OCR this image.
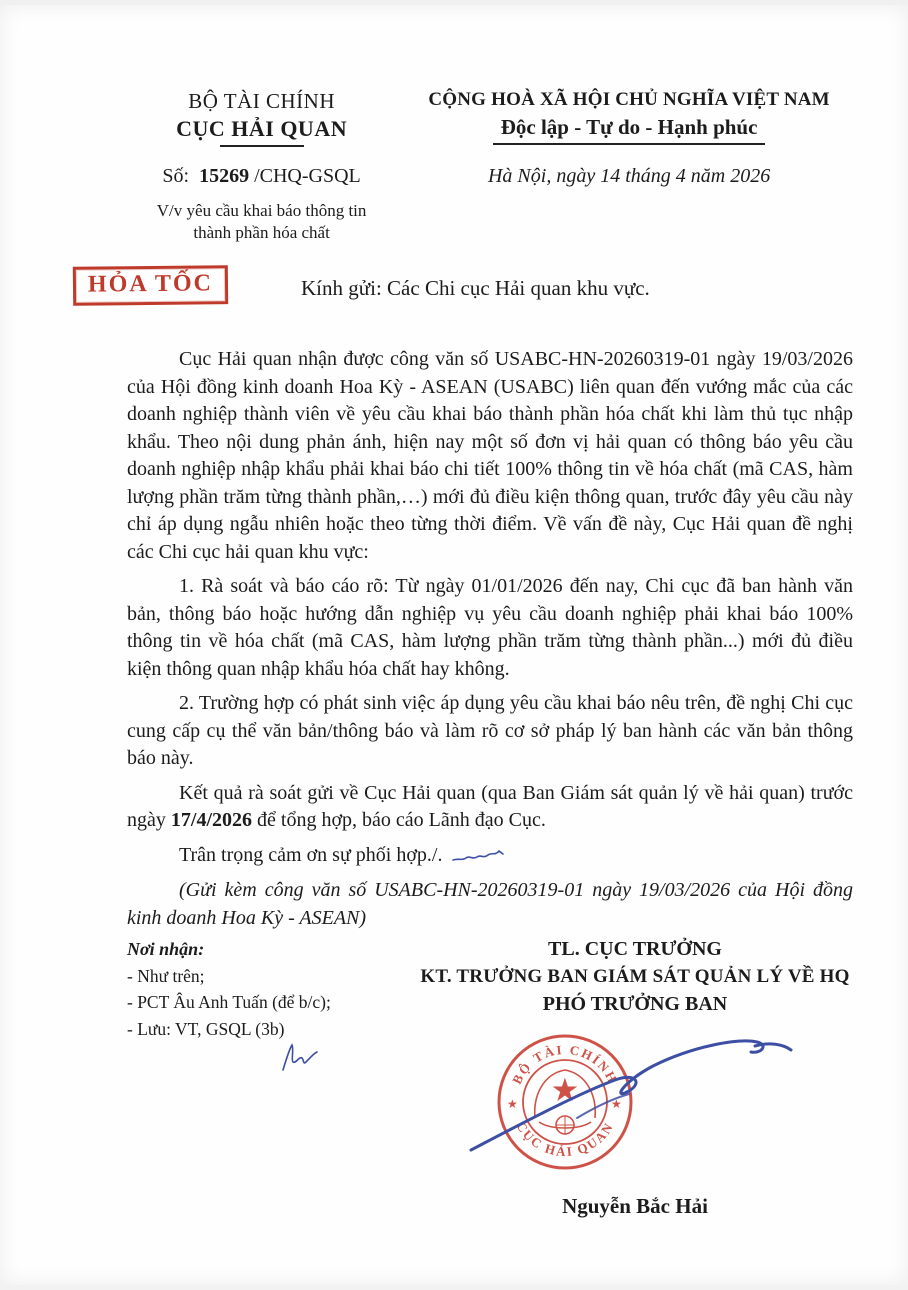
BỘ TÀI CHÍNH
CỤC HẢI QUAN
Số: 15269 /CHQ-GSQL
V/v yêu cầu khai báo thông tin thành phần hóa chất
CỘNG HOÀ XÃ HỘI CHỦ NGHĨA VIỆT NAM
Độc lập - Tự do - Hạnh phúc
Hà Nội, ngày 14 tháng 4 năm 2026
HỎA TỐC	Kính gửi: Các Chi cục Hải quan khu vực.

Cục Hải quan nhận được công văn số USABC-HN-20260319-01 ngày 19/03/2026 của Hội đồng kinh doanh Hoa Kỳ - ASEAN (USABC) liên quan đến vướng mắc của các doanh nghiệp thành viên về yêu cầu khai báo thành phần hóa chất khi làm thủ tục nhập khẩu. Theo nội dung phản ánh, hiện nay một số đơn vị hải quan có thông báo yêu cầu doanh nghiệp nhập khẩu phải khai báo chi tiết 100% thông tin về hóa chất (mã CAS, hàm lượng phần trăm từng thành phần,…) mới đủ điều kiện thông quan, trước đây yêu cầu này chỉ áp dụng ngẫu nhiên hoặc theo từng thời điểm. Về vấn đề này, Cục Hải quan đề nghị các Chi cục hải quan khu vực:

1. Rà soát và báo cáo rõ: Từ ngày 01/01/2026 đến nay, Chi cục đã ban hành văn bản, thông báo hoặc hướng dẫn nghiệp vụ yêu cầu doanh nghiệp phải khai báo 100% thông tin về hóa chất (mã CAS, hàm lượng phần trăm từng thành phần...) mới đủ điều kiện thông quan nhập khẩu hóa chất hay không.

2. Trường hợp có phát sinh việc áp dụng yêu cầu khai báo nêu trên, đề nghị Chi cục cung cấp cụ thể văn bản/thông báo và làm rõ cơ sở pháp lý ban hành các văn bản thông báo này.

Kết quả rà soát gửi về Cục Hải quan (qua Ban Giám sát quản lý về hải quan) trước ngày 17/4/2026 để tổng hợp, báo cáo Lãnh đạo Cục.

Trân trọng cảm ơn sự phối hợp./.

(Gửi kèm công văn số USABC-HN-20260319-01 ngày 19/03/2026 của Hội đồng kinh doanh Hoa Kỳ - ASEAN)

Nơi nhận:
- Như trên;
- PCT Âu Anh Tuấn (để b/c);
- Lưu: VT, GSQL (3b)
TL. CỤC TRƯỞNG
KT. TRƯỞNG BAN GIÁM SÁT QUẢN LÝ VỀ HQ
PHÓ TRƯỞNG BAN
BỘ TÀI CHÍNH
CỤC HẢI QUAN
★	★
Nguyễn Bắc Hải
